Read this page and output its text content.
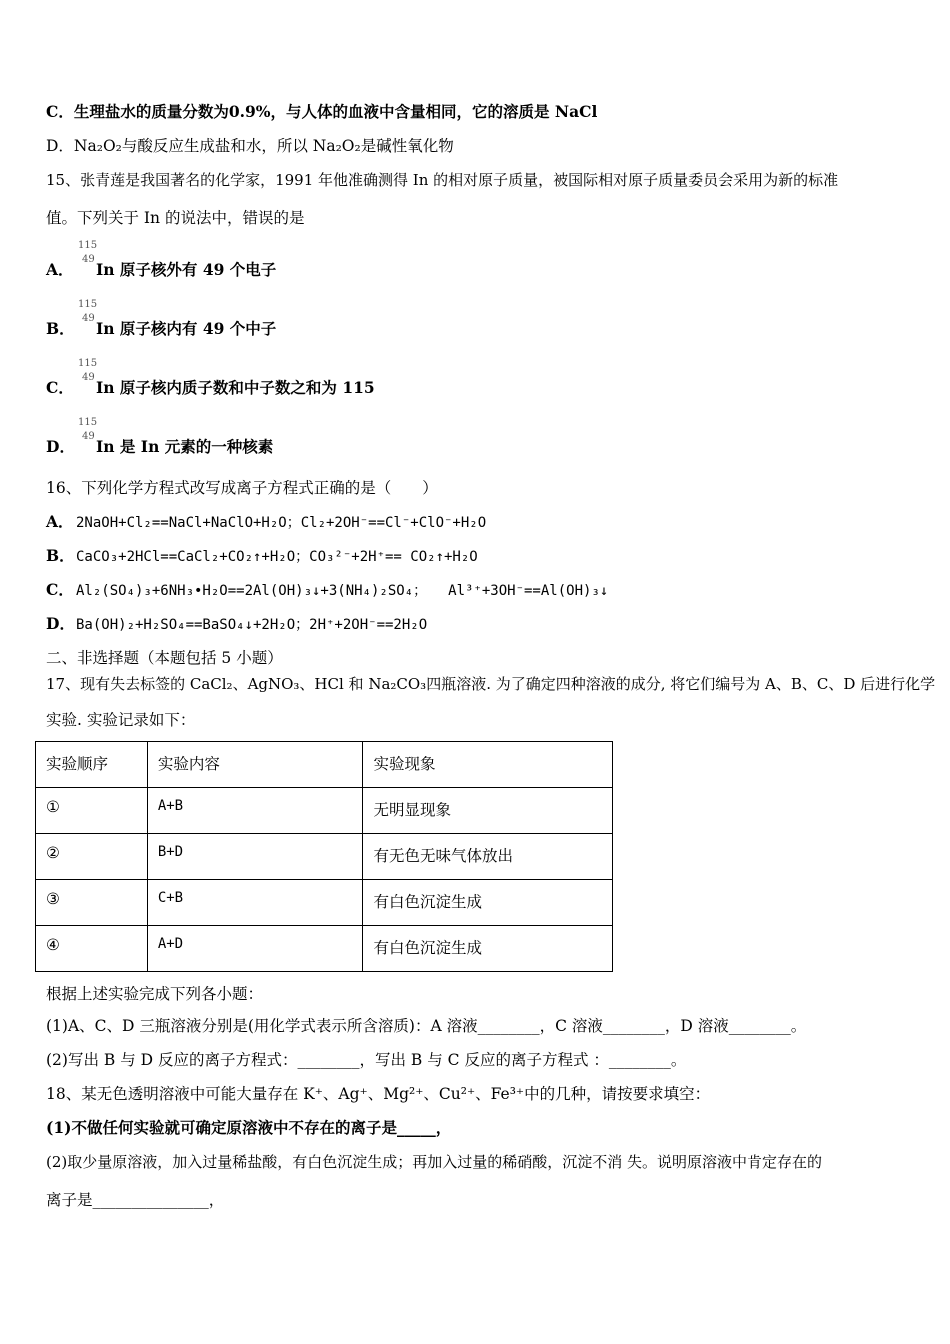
C．生理盐水的质量分数为0.9%，与人体的血液中含量相同，它的溶质是 NaCl
D．Na₂O₂与酸反应生成盐和水，所以 Na₂O₂是碱性氧化物
15、张青莲是我国著名的化学家，1991 年他准确测得 In 的相对原子质量，被国际相对原子质量委员会采用为新的标准
值。下列关于 In 的说法中，错误的是
A．
115
49
In 原子核外有 49 个电子
B．
115
49
In 原子核内有 49 个中子
C．
115
49
In 原子核内质子数和中子数之和为 115
D．
115
49
In 是 In 元素的一种核素
16、下列化学方程式改写成离子方程式正确的是（　　）
A． 2NaOH+Cl₂==NaCl+NaClO+H₂O；Cl₂+2OH⁻==Cl⁻+ClO⁻+H₂O
B．CaCO₃+2HCl==CaCl₂+CO₂↑+H₂O；CO₃²⁻+2H⁺== CO₂↑+H₂O
C． Al₂(SO₄)₃+6NH₃•H₂O==2Al(OH)₃↓+3(NH₄)₂SO₄；　　Al³⁺+3OH⁻==Al(OH)₃↓
D．Ba(OH)₂+H₂SO₄==BaSO₄↓+2H₂O；2H⁺+2OH⁻==2H₂O
二、非选择题（本题包括 5 小题）
17、现有失去标签的 CaCl₂、AgNO₃、HCl 和 Na₂CO₃四瓶溶液. 为了确定四种溶液的成分, 将它们编号为 A、B、C、D 后进行化学
实验. 实验记录如下：
实验顺序	实验内容	实验现象
①	A+B	无明显现象
②	B+D	有无色无味气体放出
③	C+B	有白色沉淀生成
④	A+D	有白色沉淀生成
根据上述实验完成下列各小题：
(1)A、C、D 三瓶溶液分别是(用化学式表示所含溶质)：A 溶液________，C 溶液________，D 溶液________。
(2)写出 B 与 D 反应的离子方程式：________，写出 B 与 C 反应的离子方程式 ：________。
18、某无色透明溶液中可能大量存在 K⁺、Ag⁺、Mg²⁺、Cu²⁺、Fe³⁺中的几种，请按要求填空：
(1)不做任何实验就可确定原溶液中不存在的离子是_____，
(2)取少量原溶液，加入过量稀盐酸，有白色沉淀生成；再加入过量的稀硝酸，沉淀不消 失。说明原溶液中肯定存在的
离子是_______________，
